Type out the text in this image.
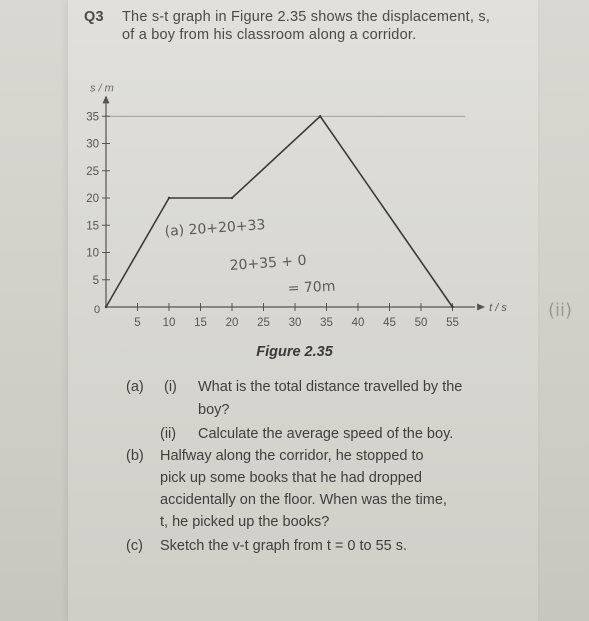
Q3 The s-t graph in Figure 2.35 shows the displacement, s, of a boy from his classroom along a corridor.
s / m
t / s
0
5
10
15
20
25
30
35
5 10 15 20 25 30 35 40 45 50 55
(a) 20+20+33
20+35 + 0
= 70m
Figure 2.35
(a) (i) What is the total distance travelled by the
boy?
(ii) Calculate the average speed of the boy.
(b) Halfway along the corridor, he stopped to
pick up some books that he had dropped
accidentally on the floor. When was the time,
t, he picked up the books?
(c) Sketch the v-t graph from t = 0 to 55 s.
(ii)
